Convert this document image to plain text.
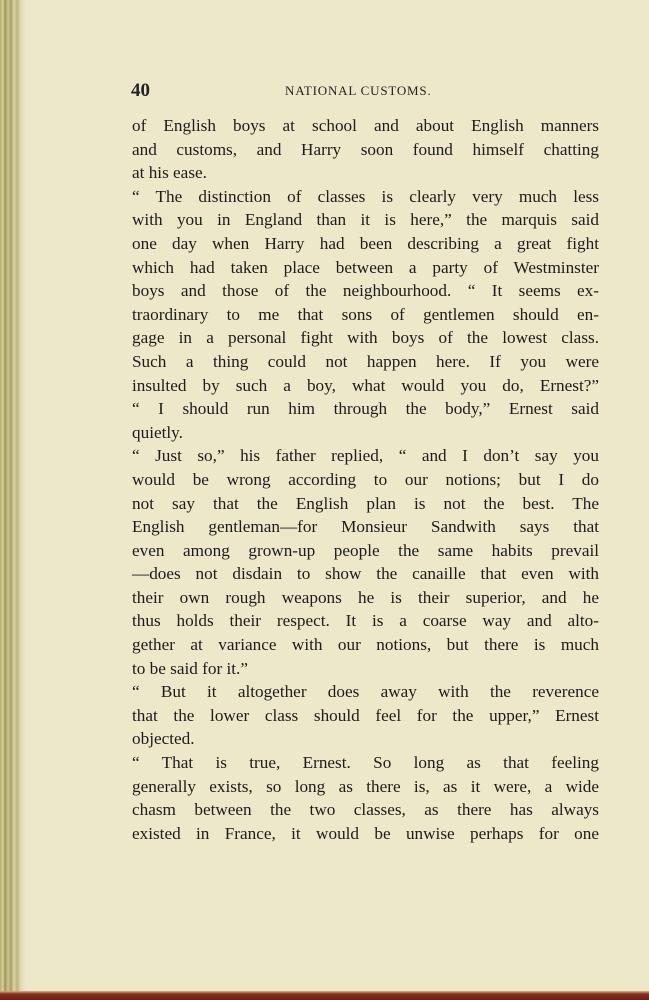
40	NATIONAL CUSTOMS.
of English boys at school and about English manners
and customs, and Harry soon found himself chatting
at his ease.
“ The distinction of classes is clearly very much less
with you in England than it is here,” the marquis said
one day when Harry had been describing a great fight
which had taken place between a party of Westminster
boys and those of the neighbourhood. “ It seems ex-
traordinary to me that sons of gentlemen should en-
gage in a personal fight with boys of the lowest class.
Such a thing could not happen here. If you were
insulted by such a boy, what would you do, Ernest?”
“ I should run him through the body,” Ernest said
quietly.
“ Just so,” his father replied, “ and I don’t say you
would be wrong according to our notions; but I do
not say that the English plan is not the best. The
English gentleman—for Monsieur Sandwith says that
even among grown-up people the same habits prevail
—does not disdain to show the canaille that even with
their own rough weapons he is their superior, and he
thus holds their respect. It is a coarse way and alto-
gether at variance with our notions, but there is much
to be said for it.”
“ But it altogether does away with the reverence
that the lower class should feel for the upper,” Ernest
objected.
“ That is true, Ernest. So long as that feeling
generally exists, so long as there is, as it were, a wide
chasm between the two classes, as there has always
existed in France, it would be unwise perhaps for one
